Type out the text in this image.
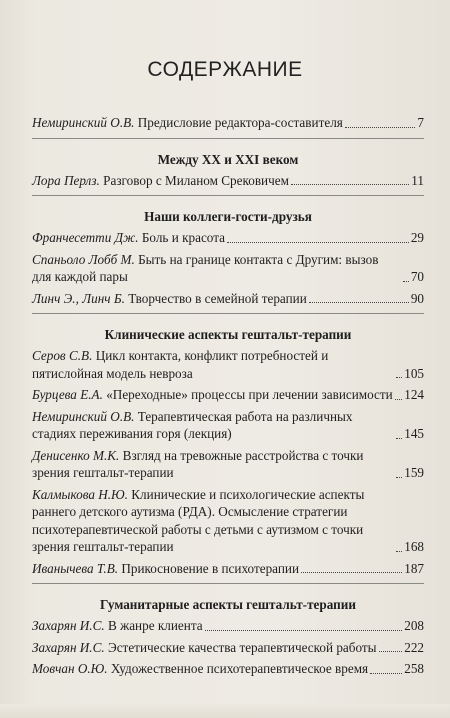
СОДЕРЖАНИЕ
Немиринский О.В. Предисловие редактора-составителя	7
Между XX и XXI веком
Лора Перлз. Разговор с Миланом Срековичем	11
Наши коллеги-гости-друзья
Франчесетти Дж. Боль и красота	29
Спаньоло Лобб М. Быть на границе контакта с Другим: вызов для каждой пары	70
Линч Э., Линч Б. Творчество в семейной терапии	90
Клинические аспекты гештальт-терапии
Серов С.В. Цикл контакта, конфликт потребностей и пятислойная модель невроза	105
Бурцева Е.А. «Переходные» процессы при лечении зависимости 124
Немиринский О.В. Терапевтическая работа на различных стадиях переживания горя (лекция)	145
Денисенко М.К. Взгляд на тревожные расстройства с точки зрения гештальт-терапии	159
Калмыкова Н.Ю. Клинические и психологические аспекты раннего детского аутизма (РДА). Осмысление стратегии психотерапевтической работы с детьми с аутизмом с точки зрения гештальт-терапии	168
Иванычева Т.В. Прикосновение в психотерапии	187
Гуманитарные аспекты гештальт-терапии
Захарян И.С. В жанре клиента	208
Захарян И.С. Эстетические качества терапевтической работы 222
Мовчан О.Ю. Художественное психотерапевтическое время	258
